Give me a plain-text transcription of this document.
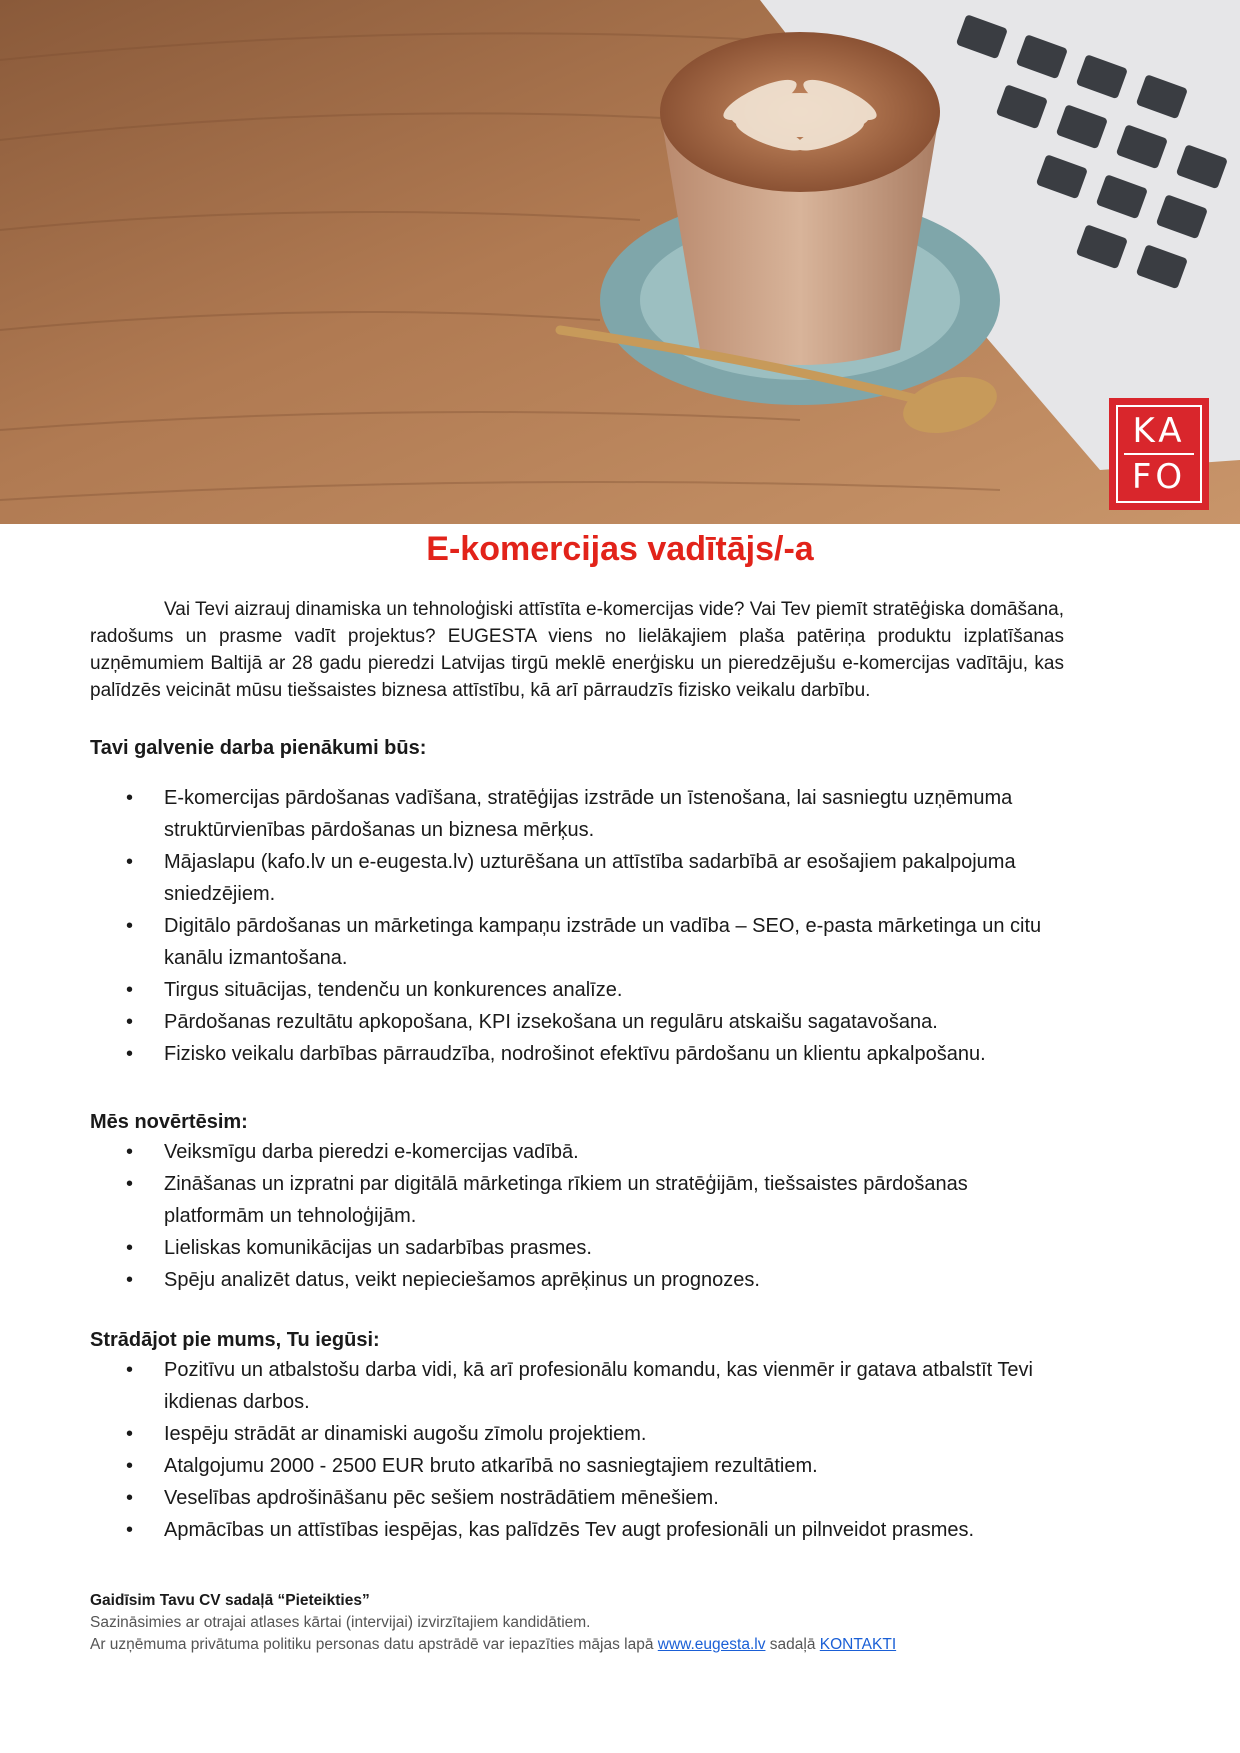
KA
FO
E-komercijas vadītājs/-a

Vai Tevi aizrauj dinamiska un tehnoloģiski attīstīta e-komercijas vide? Vai Tev piemīt stratēģiska domāšana, radošums un prasme vadīt projektus? EUGESTA viens no lielākajiem plaša patēriņa produktu izplatīšanas uzņēmumiem Baltijā ar 28 gadu pieredzi Latvijas tirgū meklē enerģisku un pieredzējušu e-komercijas vadītāju, kas palīdzēs veicināt mūsu tiešsaistes biznesa attīstību, kā arī pārraudzīs fizisko veikalu darbību.

Tavi galvenie darba pienākumi būs:

• E-komercijas pārdošanas vadīšana, stratēģijas izstrāde un īstenošana, lai sasniegtu uzņēmuma struktūrvienības pārdošanas un biznesa mērķus.
• Mājaslapu (kafo.lv un e-eugesta.lv) uzturēšana un attīstība sadarbībā ar esošajiem pakalpojuma sniedzējiem.
• Digitālo pārdošanas un mārketinga kampaņu izstrāde un vadība – SEO, e-pasta mārketinga un citu kanālu izmantošana.
• Tirgus situācijas, tendenču un konkurences analīze.
• Pārdošanas rezultātu apkopošana, KPI izsekošana un regulāru atskaišu sagatavošana.
• Fizisko veikalu darbības pārraudzība, nodrošinot efektīvu pārdošanu un klientu apkalpošanu.

Mēs novērtēsim:

• Veiksmīgu darba pieredzi e-komercijas vadībā.
• Zināšanas un izpratni par digitālā mārketinga rīkiem un stratēģijām, tiešsaistes pārdošanas platformām un tehnoloģijām.
• Lieliskas komunikācijas un sadarbības prasmes.
• Spēju analizēt datus, veikt nepieciešamos aprēķinus un prognozes.

Strādājot pie mums, Tu iegūsi:

• Pozitīvu un atbalstošu darba vidi, kā arī profesionālu komandu, kas vienmēr ir gatava atbalstīt Tevi ikdienas darbos.
• Iespēju strādāt ar dinamiski augošu zīmolu projektiem.
• Atalgojumu 2000 - 2500 EUR bruto atkarībā no sasniegtajiem rezultātiem.
• Veselības apdrošināšanu pēc sešiem nostrādātiem mēnešiem.
• Apmācības un attīstības iespējas, kas palīdzēs Tev augt profesionāli un pilnveidot prasmes.
Gaidīsim Tavu CV sadaļā “Pieteikties”
Sazināsimies ar otrajai atlases kārtai (intervijai) izvirzītajiem kandidātiem.
Ar uzņēmuma privātuma politiku personas datu apstrādē var iepazīties mājas lapā www.eugesta.lv sadaļā KONTAKTI
